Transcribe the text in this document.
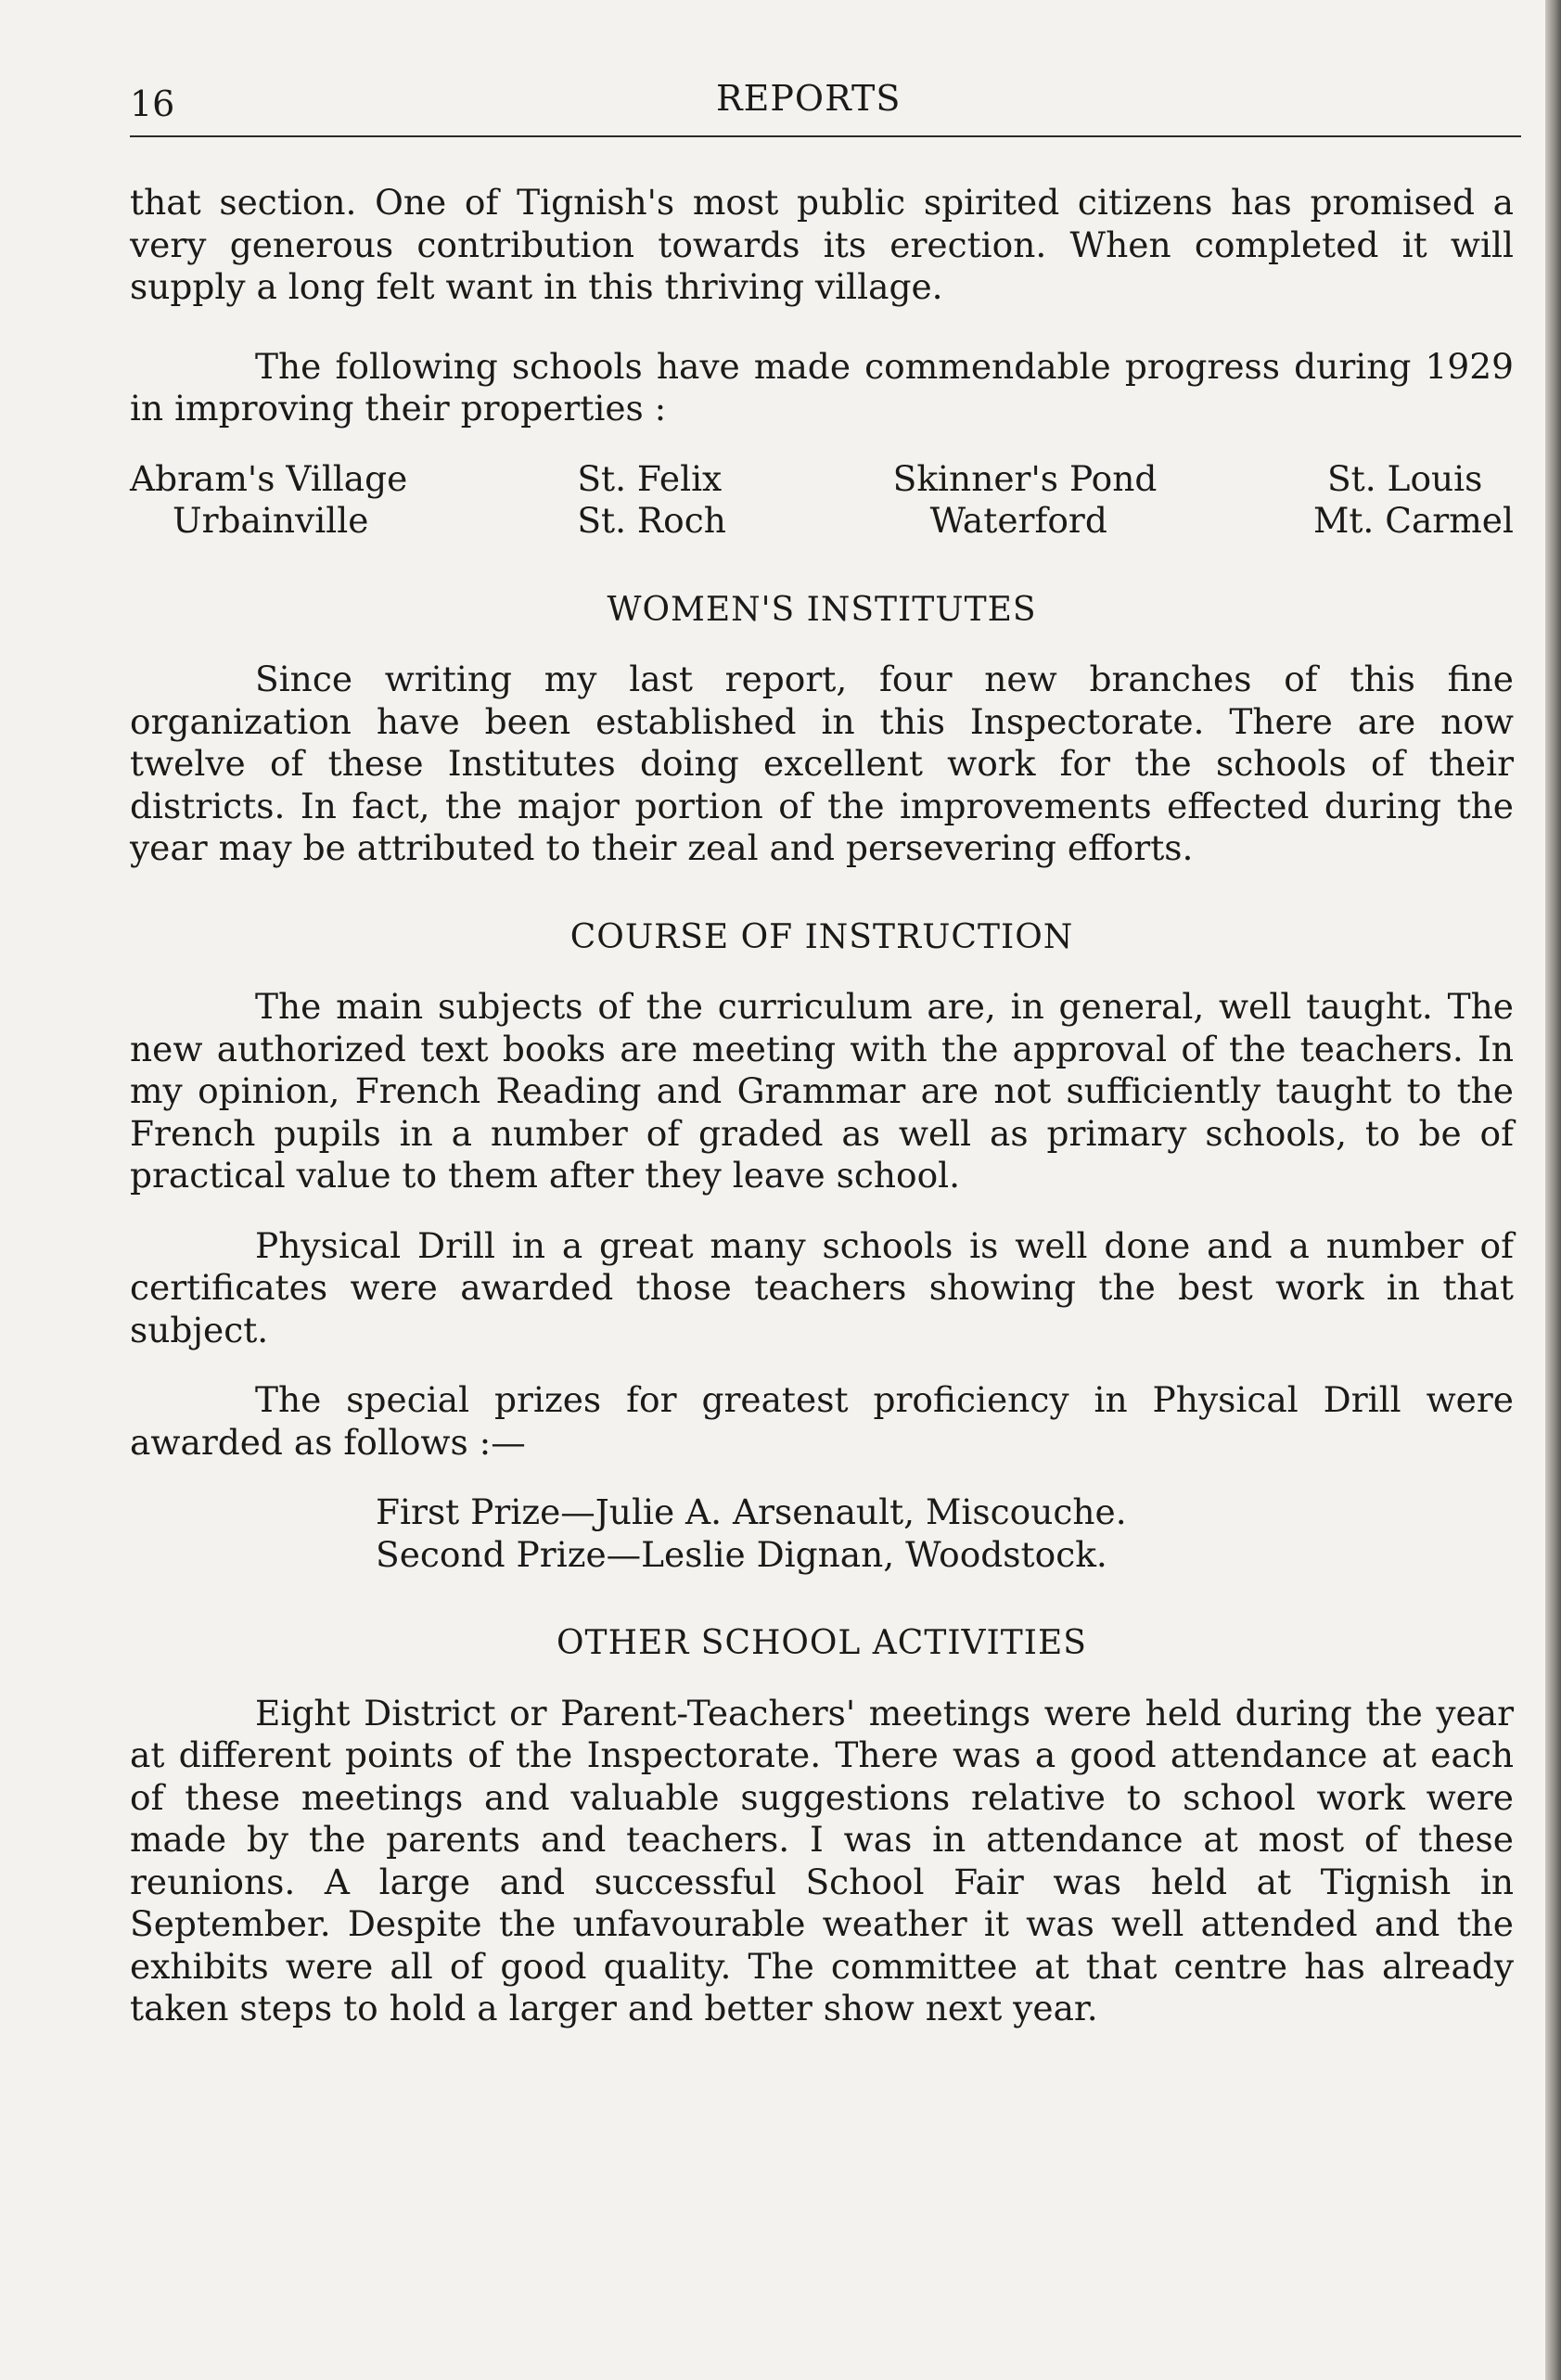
16	REPORTS

that section. One of Tignish's most public spirited citizens has promised a very generous contribution towards its erection. When completed it will supply a long felt want in this thriving village.

The following schools have made commendable progress during 1929 in improving their properties :

Abram's Village	St. Felix	Skinner's Pond	St. Louis
Urbainville	St. Roch	Waterford	Mt. Carmel
WOMEN'S INSTITUTES

Since writing my last report, four new branches of this fine organization have been established in this Inspectorate. There are now twelve of these Institutes doing excellent work for the schools of their districts. In fact, the major portion of the improvements effected during the year may be attributed to their zeal and persevering efforts.

COURSE OF INSTRUCTION

The main subjects of the curriculum are, in general, well taught. The new authorized text books are meeting with the approval of the teachers. In my opinion, French Reading and Grammar are not sufficiently taught to the French pupils in a number of graded as well as primary schools, to be of practical value to them after they leave school.

Physical Drill in a great many schools is well done and a number of certificates were awarded those teachers showing the best work in that subject.

The special prizes for greatest proficiency in Physical Drill were awarded as follows :—

First Prize—Julie A. Arsenault, Miscouche.
Second Prize—Leslie Dignan, Woodstock.
OTHER SCHOOL ACTIVITIES

Eight District or Parent-Teachers' meetings were held during the year at different points of the Inspectorate. There was a good attendance at each of these meetings and valuable suggestions relative to school work were made by the parents and teachers. I was in attendance at most of these reunions. A large and successful School Fair was held at Tignish in September. Despite the unfavourable weather it was well attended and the exhibits were all of good quality. The committee at that centre has already taken steps to hold a larger and better show next year.
